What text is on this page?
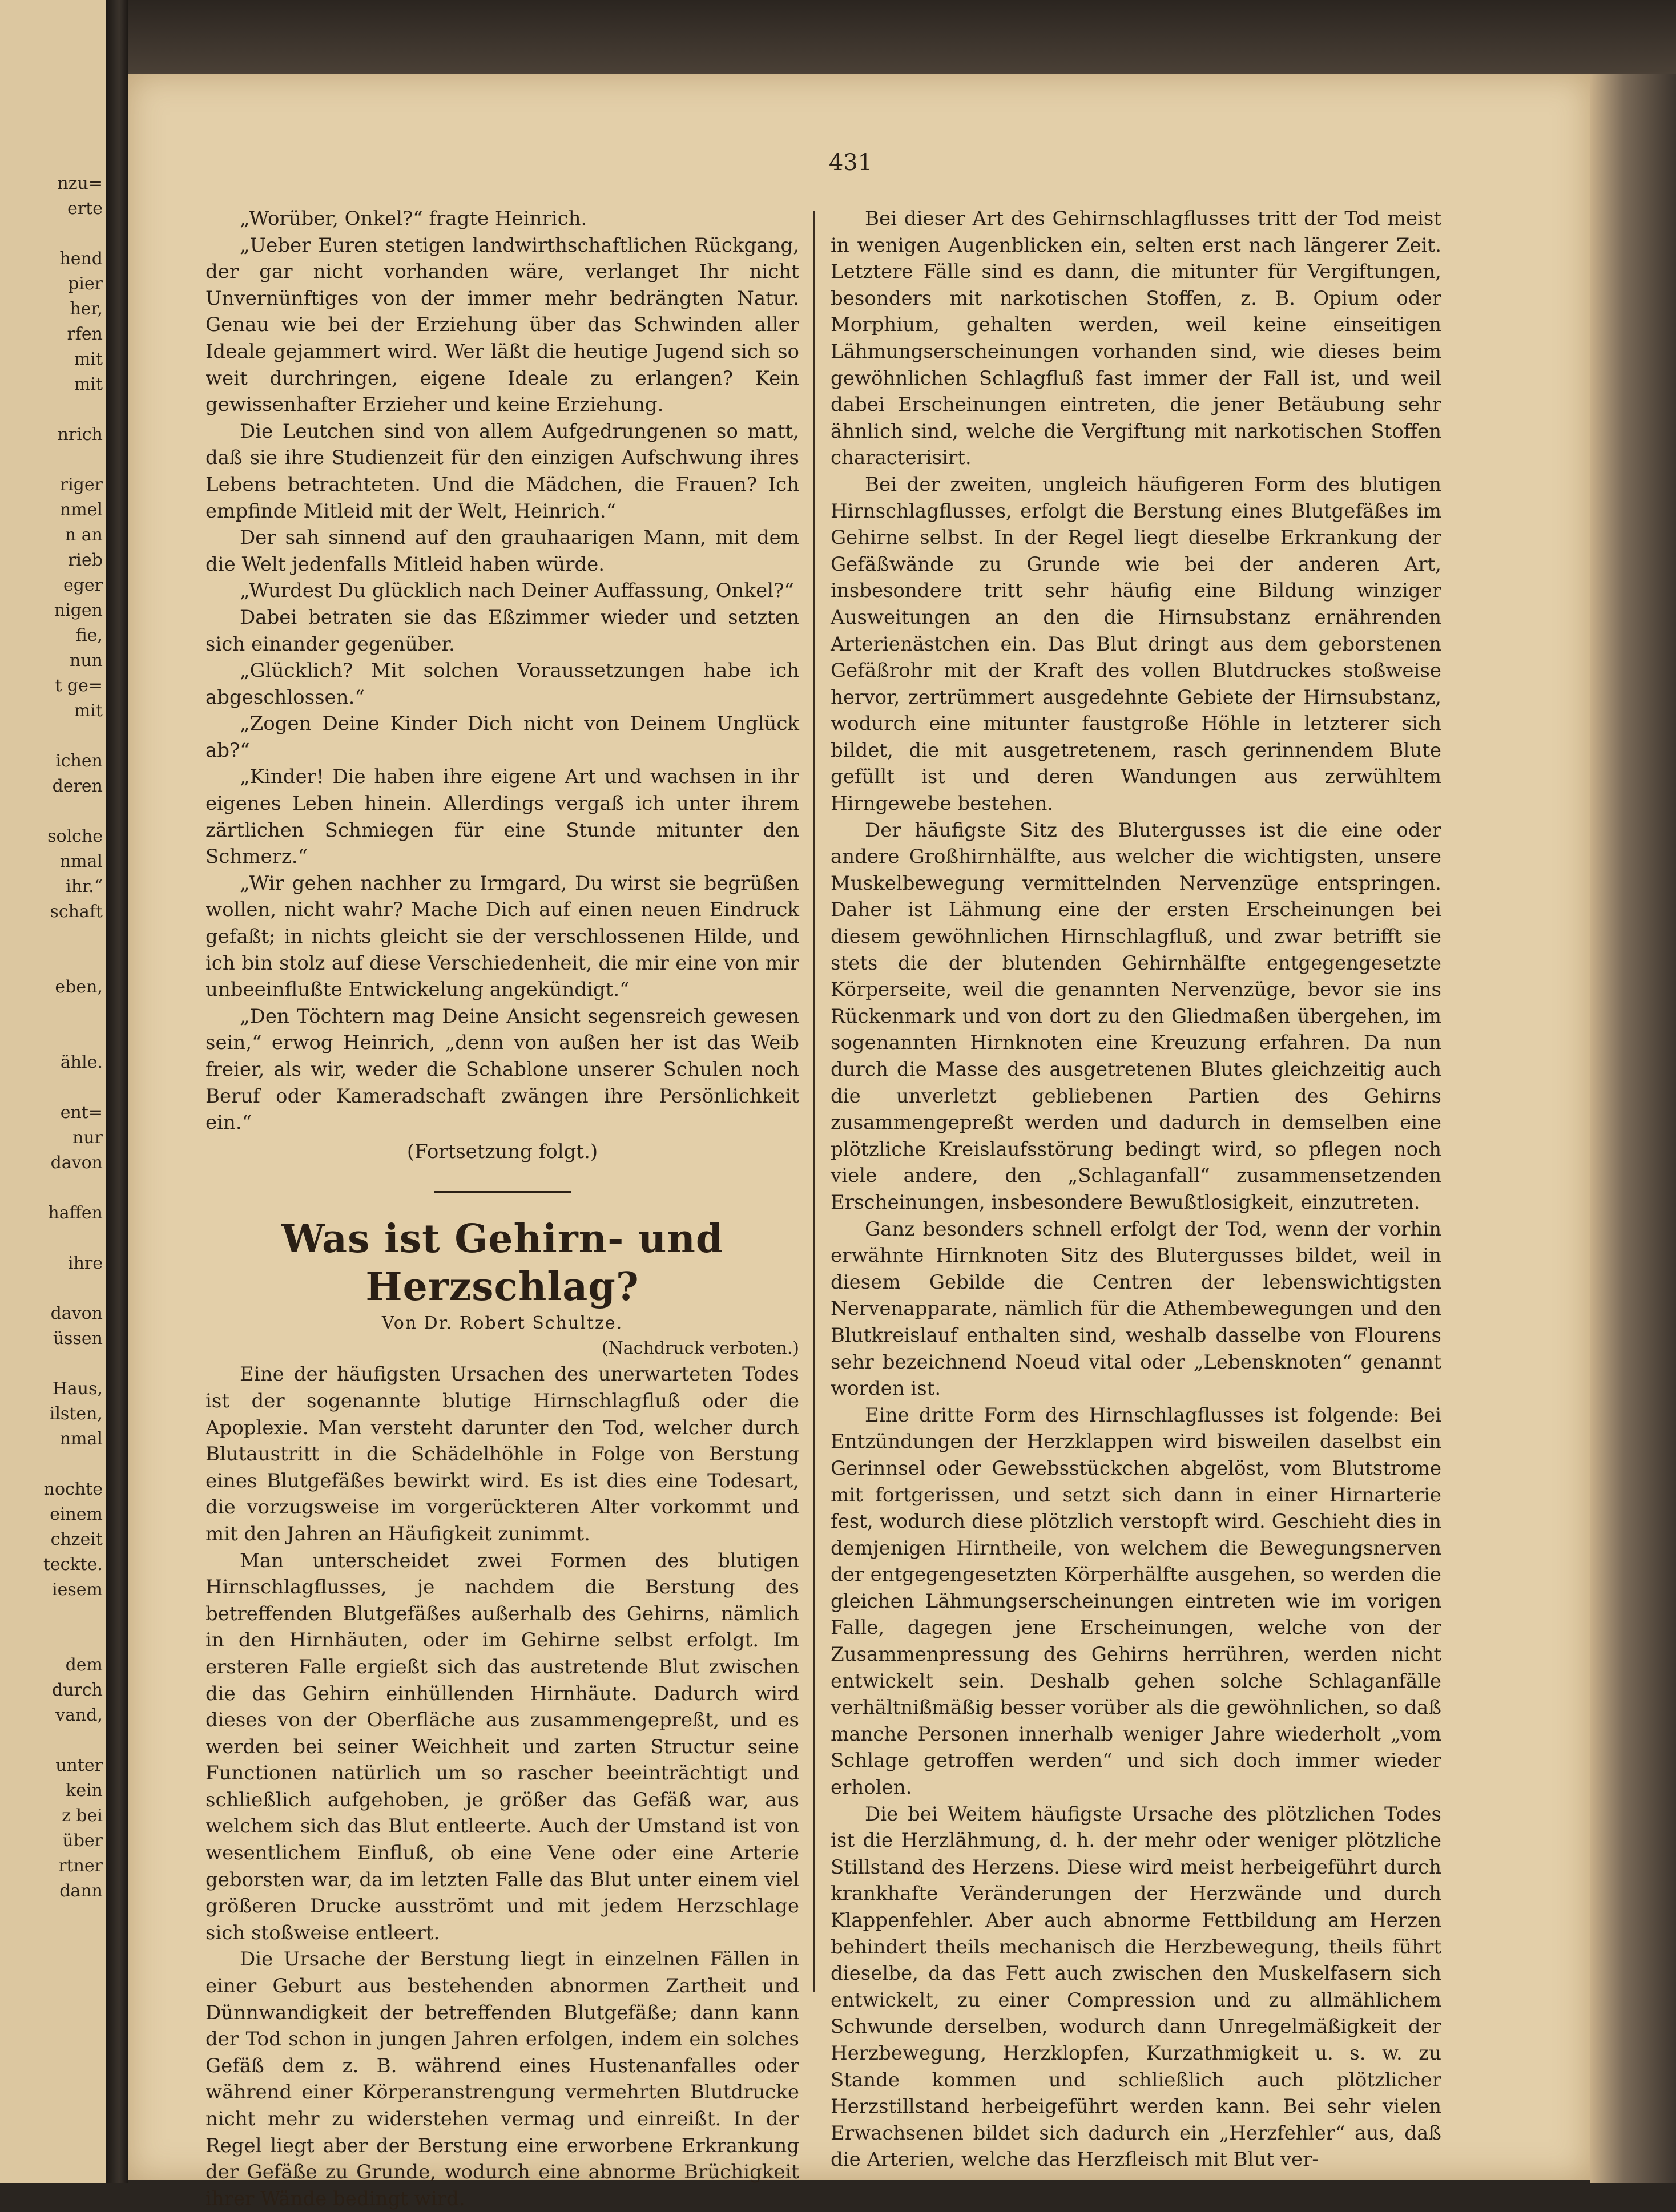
nzu=
erte
hend
pier
her,
rfen
mit
mit
nrich
riger
nmel
n an
rieb
eger
nigen
fie,
nun
t ge=
mit
ichen
deren
solche
nmal
ihr.“
schaft
eben,
ähle.
ent=
nur
davon
haffen
ihre
davon
üssen
Haus,
ilsten,
nmal
nochte
einem
chzeit
teckte.
iesem
dem
durch
vand,
unter
kein
z bei
über
rtner
dann
431

„Worüber, Onkel?“ fragte Heinrich.

„Ueber Euren stetigen landwirthschaftlichen Rückgang, der gar nicht vorhanden wäre, verlanget Ihr nicht Unvernünftiges von der immer mehr bedrängten Natur. Genau wie bei der Erziehung über das Schwinden aller Ideale gejammert wird. Wer läßt die heutige Jugend sich so weit durchringen, eigene Ideale zu erlangen? Kein gewissenhafter Erzieher und keine Erziehung.

Die Leutchen sind von allem Aufgedrungenen so matt, daß sie ihre Studienzeit für den einzigen Aufschwung ihres Lebens betrachteten. Und die Mädchen, die Frauen? Ich empfinde Mitleid mit der Welt, Heinrich.“

Der sah sinnend auf den grauhaarigen Mann, mit dem die Welt jedenfalls Mitleid haben würde.

„Wurdest Du glücklich nach Deiner Auffassung, Onkel?“

Dabei betraten sie das Eßzimmer wieder und setzten sich einander gegenüber.

„Glücklich? Mit solchen Voraussetzungen habe ich abgeschlossen.“

„Zogen Deine Kinder Dich nicht von Deinem Unglück ab?“

„Kinder! Die haben ihre eigene Art und wachsen in ihr eigenes Leben hinein. Allerdings vergaß ich unter ihrem zärtlichen Schmiegen für eine Stunde mitunter den Schmerz.“

„Wir gehen nachher zu Irmgard, Du wirst sie begrüßen wollen, nicht wahr? Mache Dich auf einen neuen Eindruck gefaßt; in nichts gleicht sie der verschlossenen Hilde, und ich bin stolz auf diese Verschiedenheit, die mir eine von mir unbeeinflußte Entwickelung angekündigt.“

„Den Töchtern mag Deine Ansicht segensreich gewesen sein,“ erwog Heinrich, „denn von außen her ist das Weib freier, als wir, weder die Schablone unserer Schulen noch Beruf oder Kameradschaft zwängen ihre Persönlichkeit ein.“

(Fortsetzung folgt.)
Was ist Gehirn- und Herzschlag?
Von Dr. Robert Schultze.
(Nachdruck verboten.)

Eine der häufigsten Ursachen des unerwarteten Todes ist der sogenannte blutige Hirnschlagfluß oder die Apoplexie. Man versteht darunter den Tod, welcher durch Blutaustritt in die Schädelhöhle in Folge von Berstung eines Blutgefäßes bewirkt wird. Es ist dies eine Todesart, die vorzugsweise im vorgerückteren Alter vorkommt und mit den Jahren an Häufigkeit zunimmt.

Man unterscheidet zwei Formen des blutigen Hirnschlagflusses, je nachdem die Berstung des betreffenden Blutgefäßes außerhalb des Gehirns, nämlich in den Hirnhäuten, oder im Gehirne selbst erfolgt. Im ersteren Falle ergießt sich das austretende Blut zwischen die das Gehirn einhüllenden Hirnhäute. Dadurch wird dieses von der Oberfläche aus zusammengepreßt, und es werden bei seiner Weichheit und zarten Structur seine Functionen natürlich um so rascher beeinträchtigt und schließlich aufgehoben, je größer das Gefäß war, aus welchem sich das Blut entleerte. Auch der Umstand ist von wesentlichem Einfluß, ob eine Vene oder eine Arterie geborsten war, da im letzten Falle das Blut unter einem viel größeren Drucke ausströmt und mit jedem Herzschlage sich stoßweise entleert.

Die Ursache der Berstung liegt in einzelnen Fällen in einer Geburt aus bestehenden abnormen Zartheit und Dünnwandigkeit der betreffenden Blutgefäße; dann kann der Tod schon in jungen Jahren erfolgen, indem ein solches Gefäß dem z. B. während eines Hustenanfalles oder während einer Körperanstrengung vermehrten Blutdrucke nicht mehr zu widerstehen vermag und einreißt. In der Regel liegt aber der Berstung eine erworbene Erkrankung der Gefäße zu Grunde, wodurch eine abnorme Brüchigkeit ihrer Wände bedingt wird.

Bei dieser Art des Gehirnschlagflusses tritt der Tod meist in wenigen Augenblicken ein, selten erst nach längerer Zeit. Letztere Fälle sind es dann, die mitunter für Vergiftungen, besonders mit narkotischen Stoffen, z. B. Opium oder Morphium, gehalten werden, weil keine einseitigen Lähmungserscheinungen vorhanden sind, wie dieses beim gewöhnlichen Schlagfluß fast immer der Fall ist, und weil dabei Erscheinungen eintreten, die jener Betäubung sehr ähnlich sind, welche die Vergiftung mit narkotischen Stoffen characterisirt.

Bei der zweiten, ungleich häufigeren Form des blutigen Hirnschlagflusses, erfolgt die Berstung eines Blutgefäßes im Gehirne selbst. In der Regel liegt dieselbe Erkrankung der Gefäßwände zu Grunde wie bei der anderen Art, insbesondere tritt sehr häufig eine Bildung winziger Ausweitungen an den die Hirnsubstanz ernährenden Arterienästchen ein. Das Blut dringt aus dem geborstenen Gefäßrohr mit der Kraft des vollen Blutdruckes stoßweise hervor, zertrümmert ausgedehnte Gebiete der Hirnsubstanz, wodurch eine mitunter faustgroße Höhle in letzterer sich bildet, die mit ausgetretenem, rasch gerinnendem Blute gefüllt ist und deren Wandungen aus zerwühltem Hirngewebe bestehen.

Der häufigste Sitz des Blutergusses ist die eine oder andere Großhirnhälfte, aus welcher die wichtigsten, unsere Muskelbewegung vermittelnden Nervenzüge entspringen. Daher ist Lähmung eine der ersten Erscheinungen bei diesem gewöhnlichen Hirnschlagfluß, und zwar betrifft sie stets die der blutenden Gehirnhälfte entgegengesetzte Körperseite, weil die genannten Nervenzüge, bevor sie ins Rückenmark und von dort zu den Gliedmaßen übergehen, im sogenannten Hirnknoten eine Kreuzung erfahren. Da nun durch die Masse des ausgetretenen Blutes gleichzeitig auch die unverletzt gebliebenen Partien des Gehirns zusammengepreßt werden und dadurch in demselben eine plötzliche Kreislaufsstörung bedingt wird, so pflegen noch viele andere, den „Schlaganfall“ zusammensetzenden Erscheinungen, insbesondere Bewußtlosigkeit, einzutreten.

Ganz besonders schnell erfolgt der Tod, wenn der vorhin erwähnte Hirnknoten Sitz des Blutergusses bildet, weil in diesem Gebilde die Centren der lebenswichtigsten Nervenapparate, nämlich für die Athembewegungen und den Blutkreislauf enthalten sind, weshalb dasselbe von Flourens sehr bezeichnend Noeud vital oder „Lebensknoten“ genannt worden ist.

Eine dritte Form des Hirnschlagflusses ist folgende: Bei Entzündungen der Herzklappen wird bisweilen daselbst ein Gerinnsel oder Gewebsstückchen abgelöst, vom Blutstrome mit fortgerissen, und setzt sich dann in einer Hirnarterie fest, wodurch diese plötzlich verstopft wird. Geschieht dies in demjenigen Hirntheile, von welchem die Bewegungsnerven der entgegengesetzten Körperhälfte ausgehen, so werden die gleichen Lähmungserscheinungen eintreten wie im vorigen Falle, dagegen jene Erscheinungen, welche von der Zusammenpressung des Gehirns herrühren, werden nicht entwickelt sein. Deshalb gehen solche Schlaganfälle verhältnißmäßig besser vorüber als die gewöhnlichen, so daß manche Personen innerhalb weniger Jahre wiederholt „vom Schlage getroffen werden“ und sich doch immer wieder erholen.

Die bei Weitem häufigste Ursache des plötzlichen Todes ist die Herzlähmung, d. h. der mehr oder weniger plötzliche Stillstand des Herzens. Diese wird meist herbeigeführt durch krankhafte Veränderungen der Herzwände und durch Klappenfehler. Aber auch abnorme Fettbildung am Herzen behindert theils mechanisch die Herzbewegung, theils führt dieselbe, da das Fett auch zwischen den Muskelfasern sich entwickelt, zu einer Compression und zu allmählichem Schwunde derselben, wodurch dann Unregelmäßigkeit der Herzbewegung, Herzklopfen, Kurzathmigkeit u. s. w. zu Stande kommen und schließlich auch plötzlicher Herzstillstand herbeigeführt werden kann. Bei sehr vielen Erwachsenen bildet sich dadurch ein „Herzfehler“ aus, daß die Arterien, welche das Herzfleisch mit Blut ver-
